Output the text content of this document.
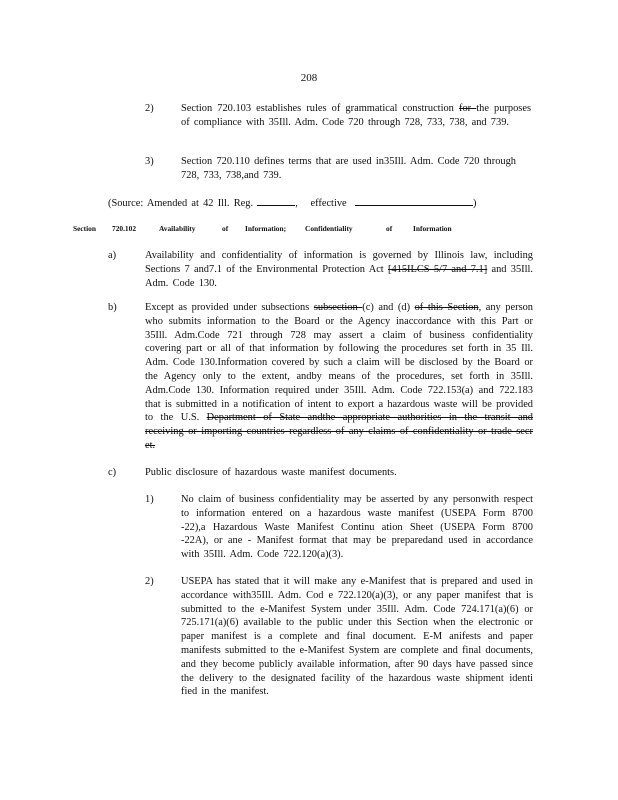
208
2)	Section 720.103 establishes rules of grammatical construction for the purposes of compliance with 35Ill. Adm. Code 720 through 728, 733, 738, and 739.
3)	Section 720.110 defines terms that are used in35Ill. Adm. Code 720 through 728, 733, 738,and 739.
(Source: Amended at 42 Ill. Reg.	, effective	)
Section 720.102	Availability	of Information;	Confidentiality	of	Information
a)	Availability and confidentiality of information is governed by Illinois law, including Sections 7 and7.1 of the Environmental Protection Act [415ILCS 5/7 and 7.1] and 35Ill. Adm. Code 130.
b)	Except as provided under subsections subsection (c) and (d) of this Section, any person who submits information to the Board or the Agency inaccordance with this Part or 35Ill. Adm.Code 721 through 728 may assert a claim of business confidentiality covering part or all of that information by following the procedures set forth in 35 Ill. Adm. Code 130.Information covered by such a claim will be disclosed by the Board or the Agency only to the extent, andby means of the procedures, set forth in 35Ill. Adm.Code 130. Information required under 35Ill. Adm. Code 722.153(a) and 722.183 that is submitted in a notification of intent to export a hazardous waste will be provided to the U.S. Department of State andthe appropriate authorities in the transit and receiving or importing countries regardless of any claims of confidentiality or trade secr et.
c)	Public disclosure of hazardous waste manifest documents.
1)	No claim of business confidentiality may be asserted by any personwith respect to information entered on a hazardous waste manifest (USEPA Form 8700 -22),a Hazardous Waste Manifest Continu ation Sheet (USEPA Form 8700 -22A), or ane - Manifest format that may be preparedand used in accordance with 35Ill. Adm. Code 722.120(a)(3).
2)	USEPA has stated that it will make any e-Manifest that is prepared and used in accordance with35Ill. Adm. Cod e 722.120(a)(3), or any paper manifest that is submitted to the e-Manifest System under 35Ill. Adm. Code 724.171(a)(6) or 725.171(a)(6) available to the public under this Section when the electronic or paper manifest is a complete and final document. E-M anifests and paper manifests submitted to the e-Manifest System are complete and final documents, and they become publicly available information, after 90 days have passed since the delivery to the designated facility of the hazardous waste shipment identi fied in the manifest.
